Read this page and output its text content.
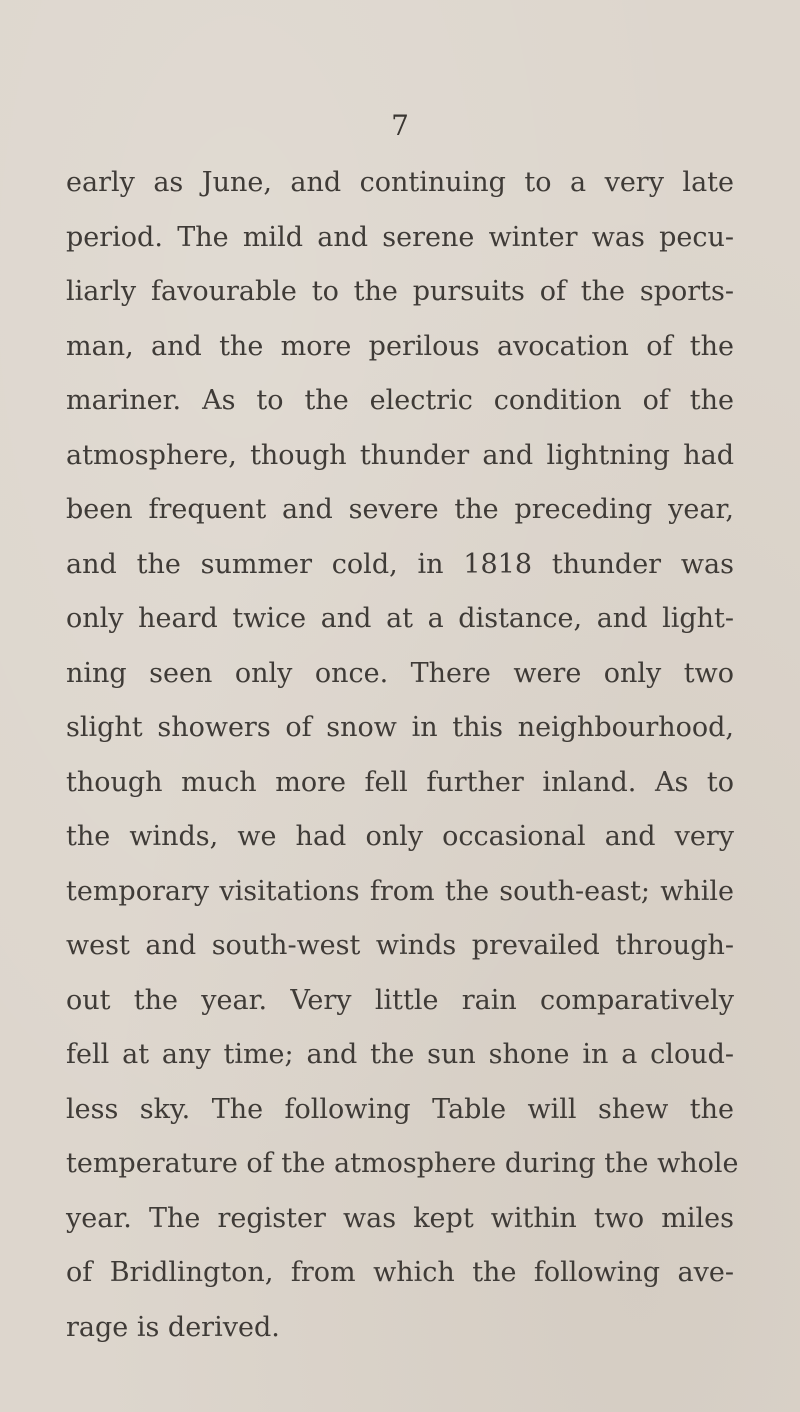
7
early as June, and continuing to a very late
period. The mild and serene winter was pecu-
liarly favourable to the pursuits of the sports-
man, and the more perilous avocation of the
mariner. As to the electric condition of the
atmosphere, though thunder and lightning had
been frequent and severe the preceding year,
and the summer cold, in 1818 thunder was
only heard twice and at a distance, and light-
ning seen only once. There were only two
slight showers of snow in this neighbourhood,
though much more fell further inland. As to
the winds, we had only occasional and very
temporary visitations from the south-east; while
west and south-west winds prevailed through-
out the year. Very little rain comparatively
fell at any time; and the sun shone in a cloud-
less sky. The following Table will shew the
temperature of the atmosphere during the whole
year. The register was kept within two miles
of Bridlington, from which the following ave-
rage is derived.
